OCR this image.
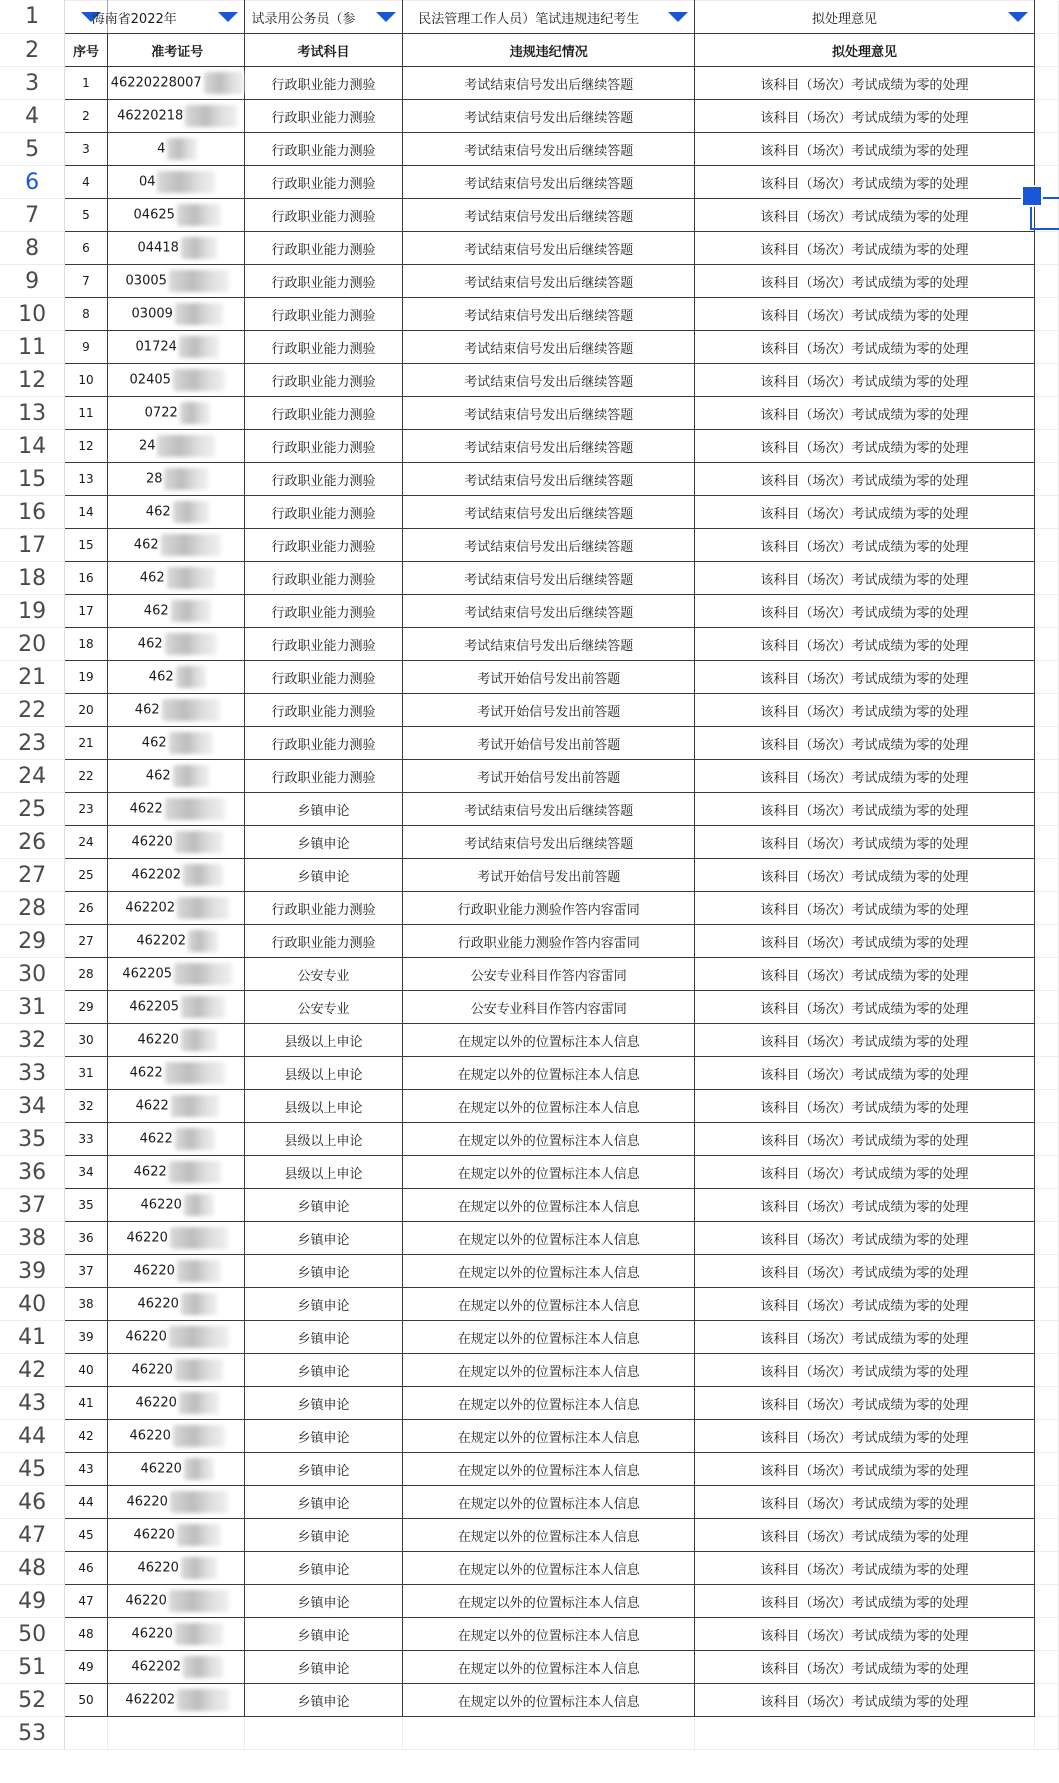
1		海南省2022年	试录用公务员（参	民法管理工作人员）笔试违规违纪考生	拟处理意见	

2	序号	准考证号	考试科目	违规违纪情况	拟处理意见	
3	1	46220228007	行政职业能力测验	考试结束信号发出后继续答题	该科目（场次）考试成绩为零的处理	
4	2	46220218	行政职业能力测验	考试结束信号发出后继续答题	该科目（场次）考试成绩为零的处理	
5	3	4	行政职业能力测验	考试结束信号发出后继续答题	该科目（场次）考试成绩为零的处理	
6	4	04	行政职业能力测验	考试结束信号发出后继续答题	该科目（场次）考试成绩为零的处理	
7	5	04625	行政职业能力测验	考试结束信号发出后继续答题	该科目（场次）考试成绩为零的处理	
8	6	04418	行政职业能力测验	考试结束信号发出后继续答题	该科目（场次）考试成绩为零的处理	
9	7	03005	行政职业能力测验	考试结束信号发出后继续答题	该科目（场次）考试成绩为零的处理	
10	8	03009	行政职业能力测验	考试结束信号发出后继续答题	该科目（场次）考试成绩为零的处理	
11	9	01724	行政职业能力测验	考试结束信号发出后继续答题	该科目（场次）考试成绩为零的处理	
12	10	02405	行政职业能力测验	考试结束信号发出后继续答题	该科目（场次）考试成绩为零的处理	
13	11	0722	行政职业能力测验	考试结束信号发出后继续答题	该科目（场次）考试成绩为零的处理	
14	12	24	行政职业能力测验	考试结束信号发出后继续答题	该科目（场次）考试成绩为零的处理	
15	13	28	行政职业能力测验	考试结束信号发出后继续答题	该科目（场次）考试成绩为零的处理	
16	14	462	行政职业能力测验	考试结束信号发出后继续答题	该科目（场次）考试成绩为零的处理	
17	15	462	行政职业能力测验	考试结束信号发出后继续答题	该科目（场次）考试成绩为零的处理	
18	16	462	行政职业能力测验	考试结束信号发出后继续答题	该科目（场次）考试成绩为零的处理	
19	17	462	行政职业能力测验	考试结束信号发出后继续答题	该科目（场次）考试成绩为零的处理	
20	18	462	行政职业能力测验	考试结束信号发出后继续答题	该科目（场次）考试成绩为零的处理	
21	19	462	行政职业能力测验	考试开始信号发出前答题	该科目（场次）考试成绩为零的处理	
22	20	462	行政职业能力测验	考试开始信号发出前答题	该科目（场次）考试成绩为零的处理	
23	21	462	行政职业能力测验	考试开始信号发出前答题	该科目（场次）考试成绩为零的处理	
24	22	462	行政职业能力测验	考试开始信号发出前答题	该科目（场次）考试成绩为零的处理	
25	23	4622	乡镇申论	考试结束信号发出后继续答题	该科目（场次）考试成绩为零的处理	
26	24	46220	乡镇申论	考试结束信号发出后继续答题	该科目（场次）考试成绩为零的处理	
27	25	462202	乡镇申论	考试开始信号发出前答题	该科目（场次）考试成绩为零的处理	
28	26	462202	行政职业能力测验	行政职业能力测验作答内容雷同	该科目（场次）考试成绩为零的处理	
29	27	462202	行政职业能力测验	行政职业能力测验作答内容雷同	该科目（场次）考试成绩为零的处理	
30	28	462205	公安专业	公安专业科目作答内容雷同	该科目（场次）考试成绩为零的处理	
31	29	462205	公安专业	公安专业科目作答内容雷同	该科目（场次）考试成绩为零的处理	
32	30	46220	县级以上申论	在规定以外的位置标注本人信息	该科目（场次）考试成绩为零的处理	
33	31	4622	县级以上申论	在规定以外的位置标注本人信息	该科目（场次）考试成绩为零的处理	
34	32	4622	县级以上申论	在规定以外的位置标注本人信息	该科目（场次）考试成绩为零的处理	
35	33	4622	县级以上申论	在规定以外的位置标注本人信息	该科目（场次）考试成绩为零的处理	
36	34	4622	县级以上申论	在规定以外的位置标注本人信息	该科目（场次）考试成绩为零的处理	
37	35	46220	乡镇申论	在规定以外的位置标注本人信息	该科目（场次）考试成绩为零的处理	
38	36	46220	乡镇申论	在规定以外的位置标注本人信息	该科目（场次）考试成绩为零的处理	
39	37	46220	乡镇申论	在规定以外的位置标注本人信息	该科目（场次）考试成绩为零的处理	
40	38	46220	乡镇申论	在规定以外的位置标注本人信息	该科目（场次）考试成绩为零的处理	
41	39	46220	乡镇申论	在规定以外的位置标注本人信息	该科目（场次）考试成绩为零的处理	
42	40	46220	乡镇申论	在规定以外的位置标注本人信息	该科目（场次）考试成绩为零的处理	
43	41	46220	乡镇申论	在规定以外的位置标注本人信息	该科目（场次）考试成绩为零的处理	
44	42	46220	乡镇申论	在规定以外的位置标注本人信息	该科目（场次）考试成绩为零的处理	
45	43	46220	乡镇申论	在规定以外的位置标注本人信息	该科目（场次）考试成绩为零的处理	
46	44	46220	乡镇申论	在规定以外的位置标注本人信息	该科目（场次）考试成绩为零的处理	
47	45	46220	乡镇申论	在规定以外的位置标注本人信息	该科目（场次）考试成绩为零的处理	
48	46	46220	乡镇申论	在规定以外的位置标注本人信息	该科目（场次）考试成绩为零的处理	
49	47	46220	乡镇申论	在规定以外的位置标注本人信息	该科目（场次）考试成绩为零的处理	
50	48	46220	乡镇申论	在规定以外的位置标注本人信息	该科目（场次）考试成绩为零的处理	
51	49	462202	乡镇申论	在规定以外的位置标注本人信息	该科目（场次）考试成绩为零的处理	
52	50	462202	乡镇申论	在规定以外的位置标注本人信息	该科目（场次）考试成绩为零的处理	
53						
